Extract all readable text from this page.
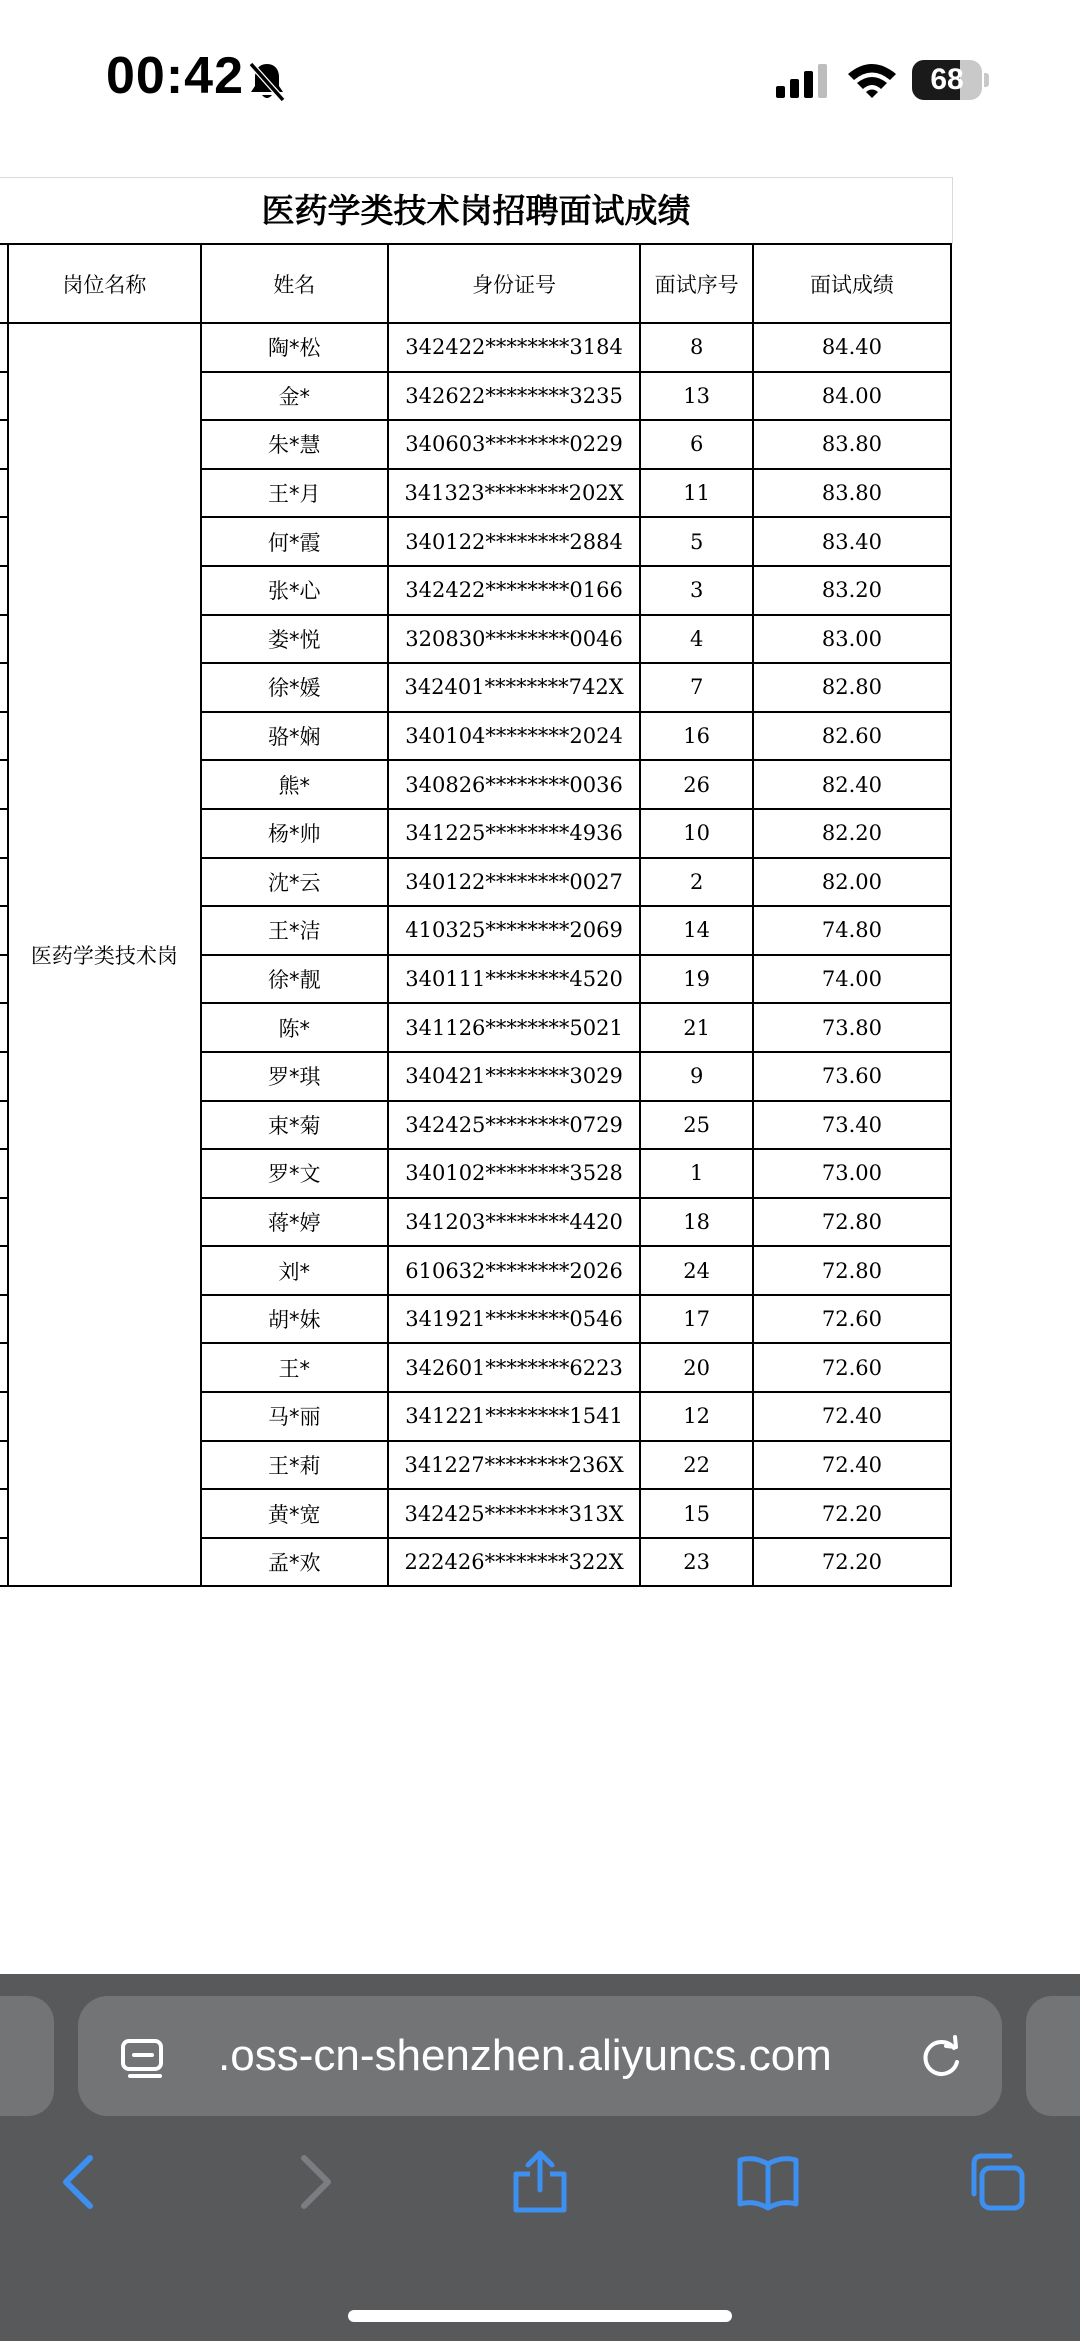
00:42	68
医药学类技术岗招聘面试成绩
	岗位名称	姓名	身份证号	面试序号	面试成绩
	医药学类技术岗	陶*松	342422********3184	8	84.40
		金*	342622********3235	13	84.00
		朱*慧	340603********0229	6	83.80
		王*月	341323********202X	11	83.80
		何*霞	340122********2884	5	83.40
		张*心	342422********0166	3	83.20
		娄*悦	320830********0046	4	83.00
		徐*媛	342401********742X	7	82.80
		骆*娴	340104********2024	16	82.60
		熊*	340826********0036	26	82.40
		杨*帅	341225********4936	10	82.20
		沈*云	340122********0027	2	82.00
		王*洁	410325********2069	14	74.80
		徐*靓	340111********4520	19	74.00
		陈*	341126********5021	21	73.80
		罗*琪	340421********3029	9	73.60
		束*菊	342425********0729	25	73.40
		罗*文	340102********3528	1	73.00
		蒋*婷	341203********4420	18	72.80
		刘*	610632********2026	24	72.80
		胡*妹	341921********0546	17	72.60
		王*	342601********6223	20	72.60
		马*丽	341221********1541	12	72.40
		王*莉	341227********236X	22	72.40
		黄*宽	342425********313X	15	72.20
		孟*欢	222426********322X	23	72.20
.oss-cn-shenzhen.aliyuncs.com
